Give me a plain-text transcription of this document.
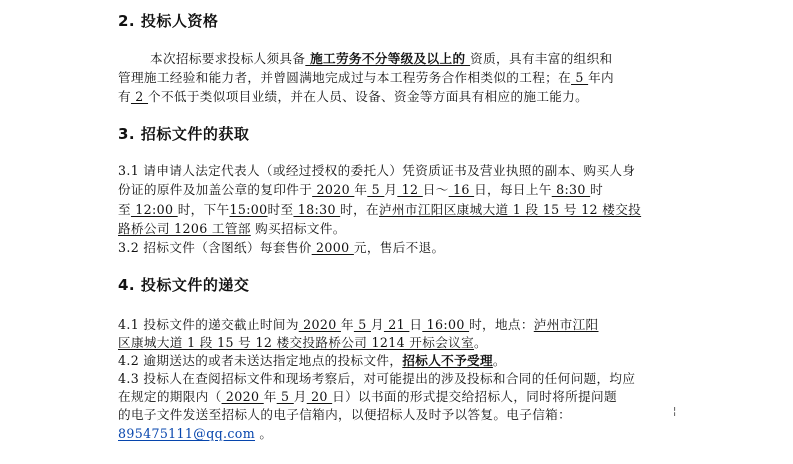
2. 投标人资格
本次招标要求投标人须具备 施工劳务不分等级及以上的 资质，具有丰富的组织和
管理施工经验和能力者，并曾圆满地完成过与本工程劳务合作相类似的工程；在 5 年内
有 2 个不低于类似项目业绩，并在人员、设备、资金等方面具有相应的施工能力。
3. 招标文件的获取
3.1 请申请人法定代表人（或经过授权的委托人）凭资质证书及营业执照的副本、购买人身
份证的原件及加盖公章的复印件于 2020 年 5 月 12 日～ 16 日，每日上午 8:30 时
至 12:00 时，下午15:00时至 18:30 时，在泸州市江阳区康城大道 1 段 15 号 12 楼交投
路桥公司 1206 工管部 购买招标文件。
3.2 招标文件（含图纸）每套售价 2000 元，售后不退。
4. 投标文件的递交
4.1 投标文件的递交截止时间为 2020 年 5 月 21 日 16:00 时，地点：泸州市江阳
区康城大道 1 段 15 号 12 楼交投路桥公司 1214 开标会议室。
4.2 逾期送达的或者未送达指定地点的投标文件，招标人不予受理。
4.3 投标人在查阅招标文件和现场考察后，对可能提出的涉及投标和合同的任何问题，均应
在规定的期限内（ 2020 年 5 月 20 日）以书面的形式提交给招标人，同时将所提问题
的电子文件发送至招标人的电子信箱内，以便招标人及时予以答复。电子信箱：
895475111@qq.com 。
¦
